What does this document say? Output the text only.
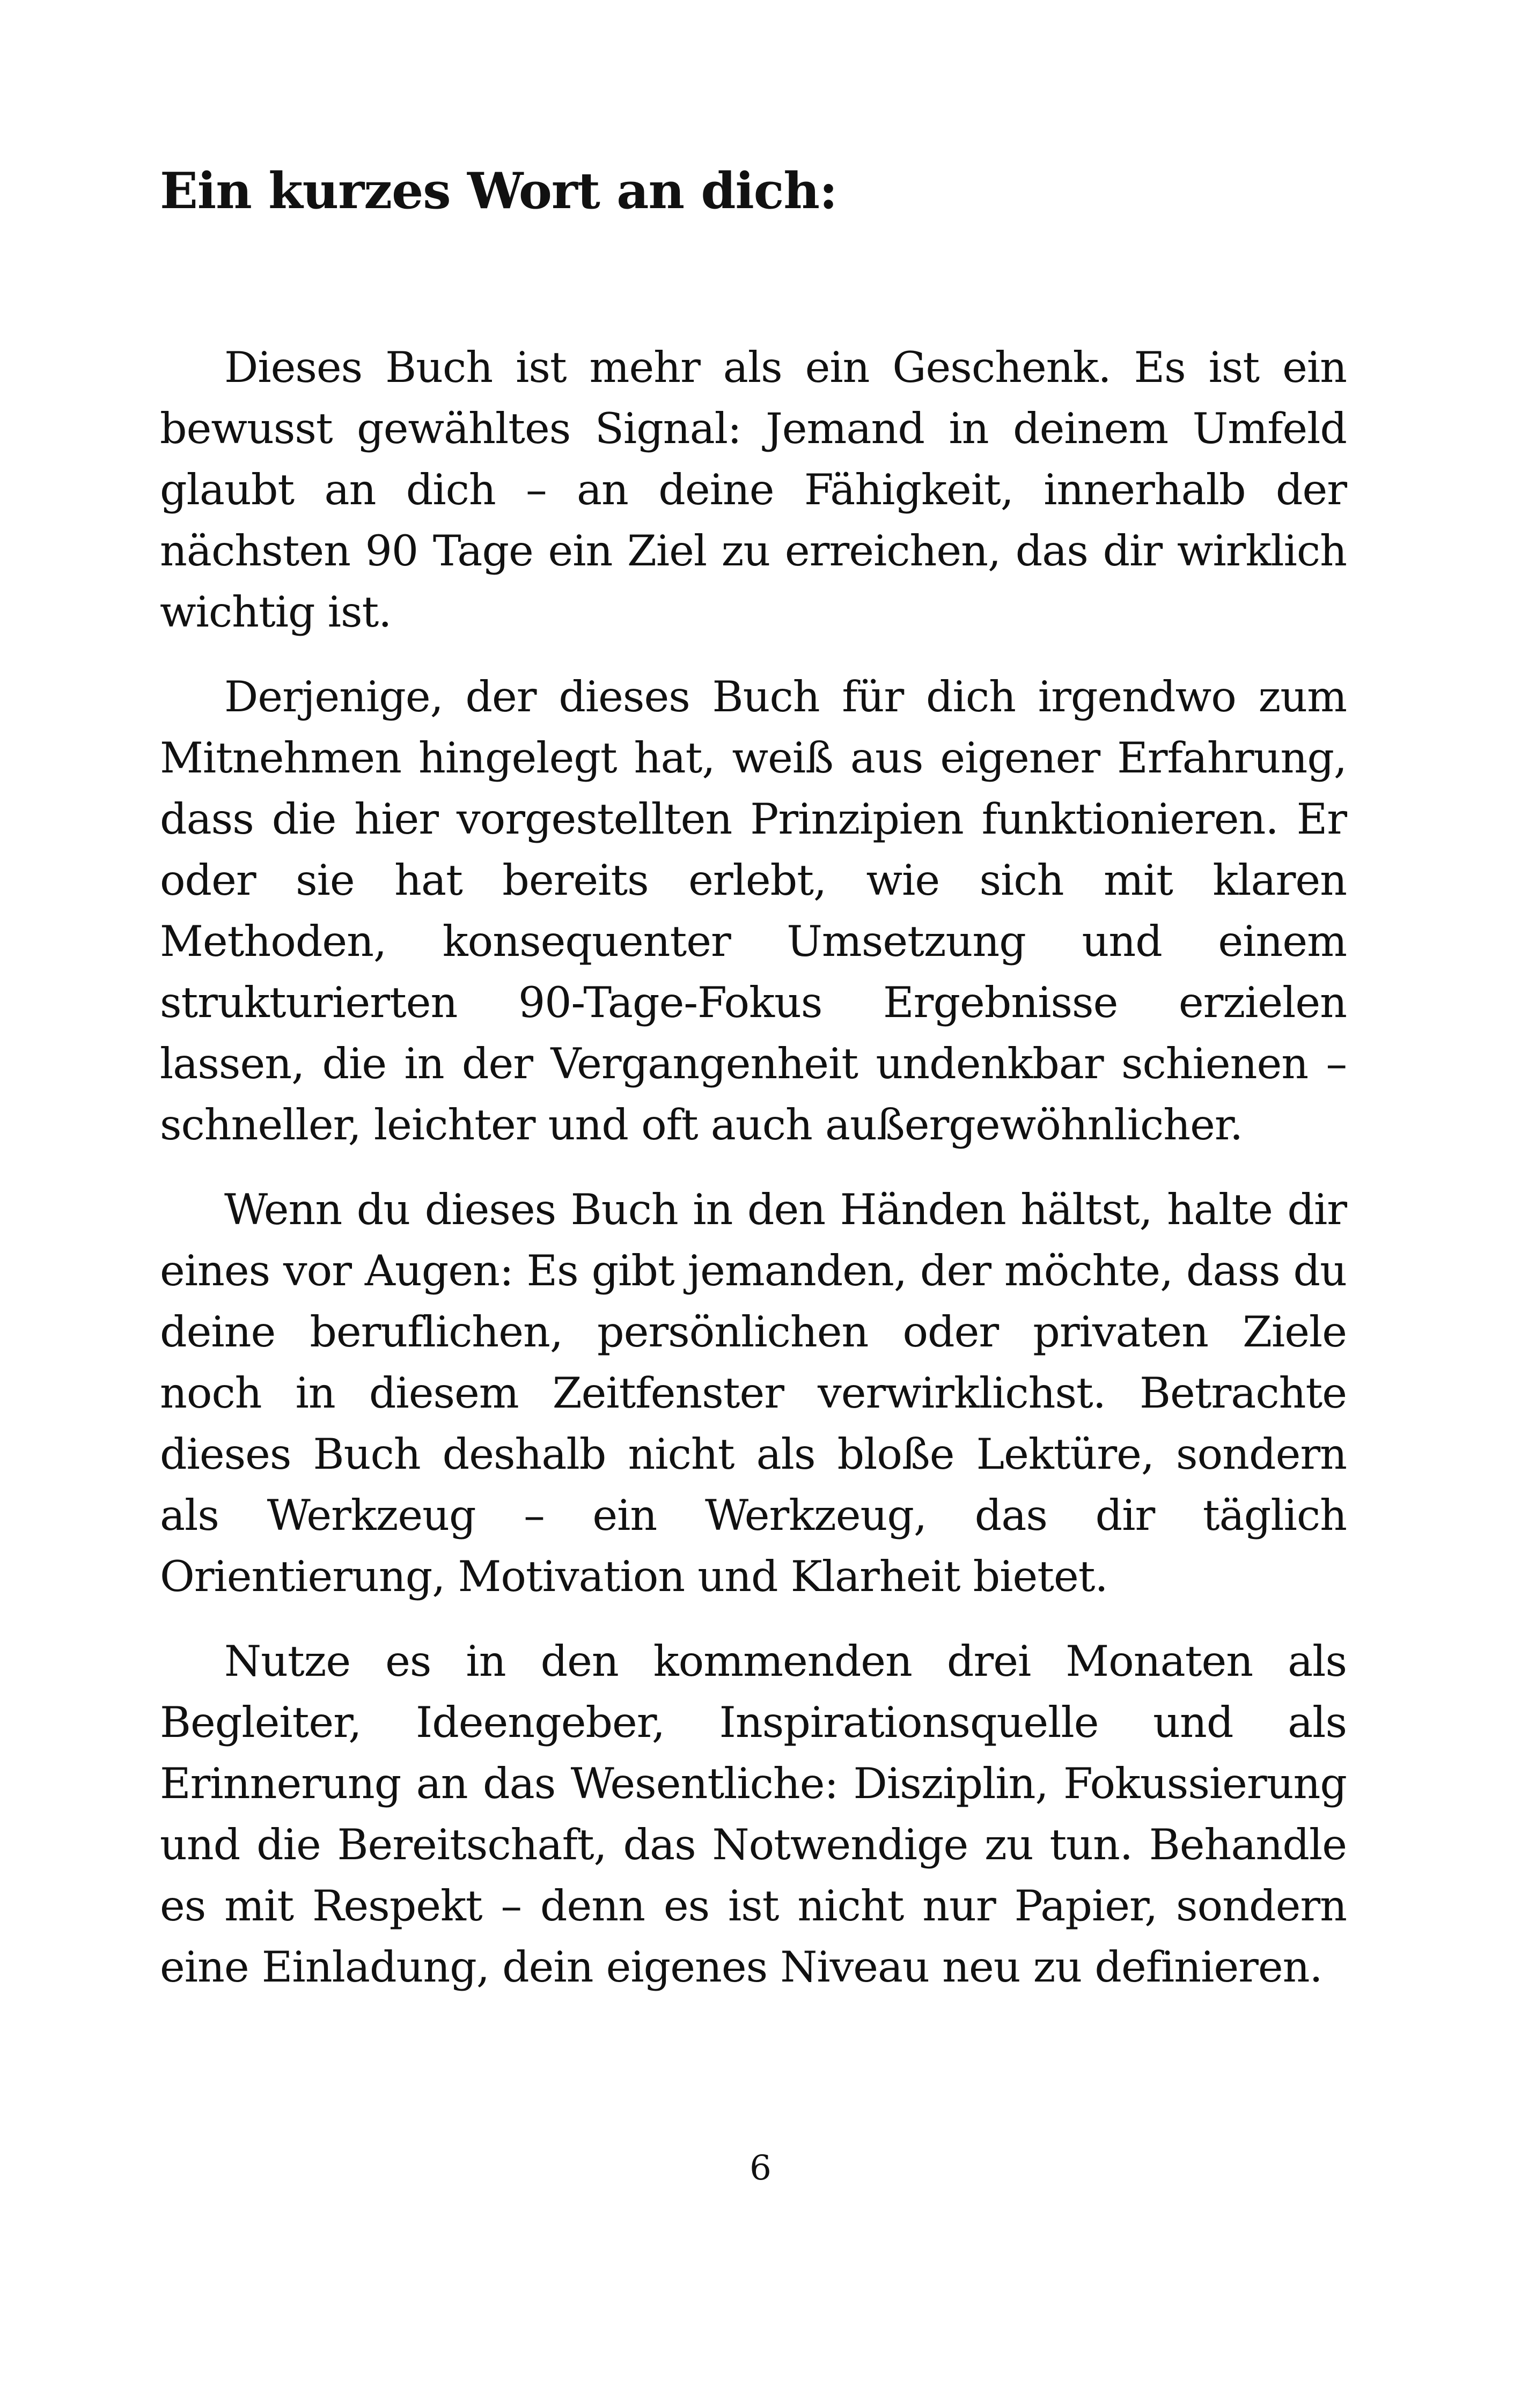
Ein kurzes Wort an dich:

Dieses Buch ist mehr als ein Geschenk. Es ist ein bewusst gewähltes Signal: Jemand in deinem Umfeld glaubt an dich – an deine Fähigkeit, innerhalb der nächsten 90 Tage ein Ziel zu erreichen, das dir wirklich wichtig ist.

Derjenige, der dieses Buch für dich irgendwo zum Mitnehmen hingelegt hat, weiß aus eigener Erfahrung, dass die hier vorgestellten Prinzipien funktionieren. Er oder sie hat bereits erlebt, wie sich mit klaren Methoden, konsequenter Umsetzung und einem strukturierten 90-Tage-Fokus Ergebnisse erzielen lassen, die in der Vergangenheit undenkbar schienen – schneller, leichter und oft auch außergewöhnlicher.

Wenn du dieses Buch in den Händen hältst, halte dir eines vor Augen: Es gibt jemanden, der möchte, dass du deine beruflichen, persönlichen oder privaten Ziele noch in diesem Zeitfenster verwirklichst. Betrachte dieses Buch deshalb nicht als bloße Lektüre, sondern als Werkzeug – ein Werkzeug, das dir täglich Orientierung, Motivation und Klarheit bietet.

Nutze es in den kommenden drei Monaten als Begleiter, Ideengeber, Inspirationsquelle und als Erinnerung an das Wesentliche: Disziplin, Fokussierung und die Bereitschaft, das Notwendige zu tun. Behandle es mit Respekt – denn es ist nicht nur Papier, sondern eine Einladung, dein eigenes Niveau neu zu definieren.

6
